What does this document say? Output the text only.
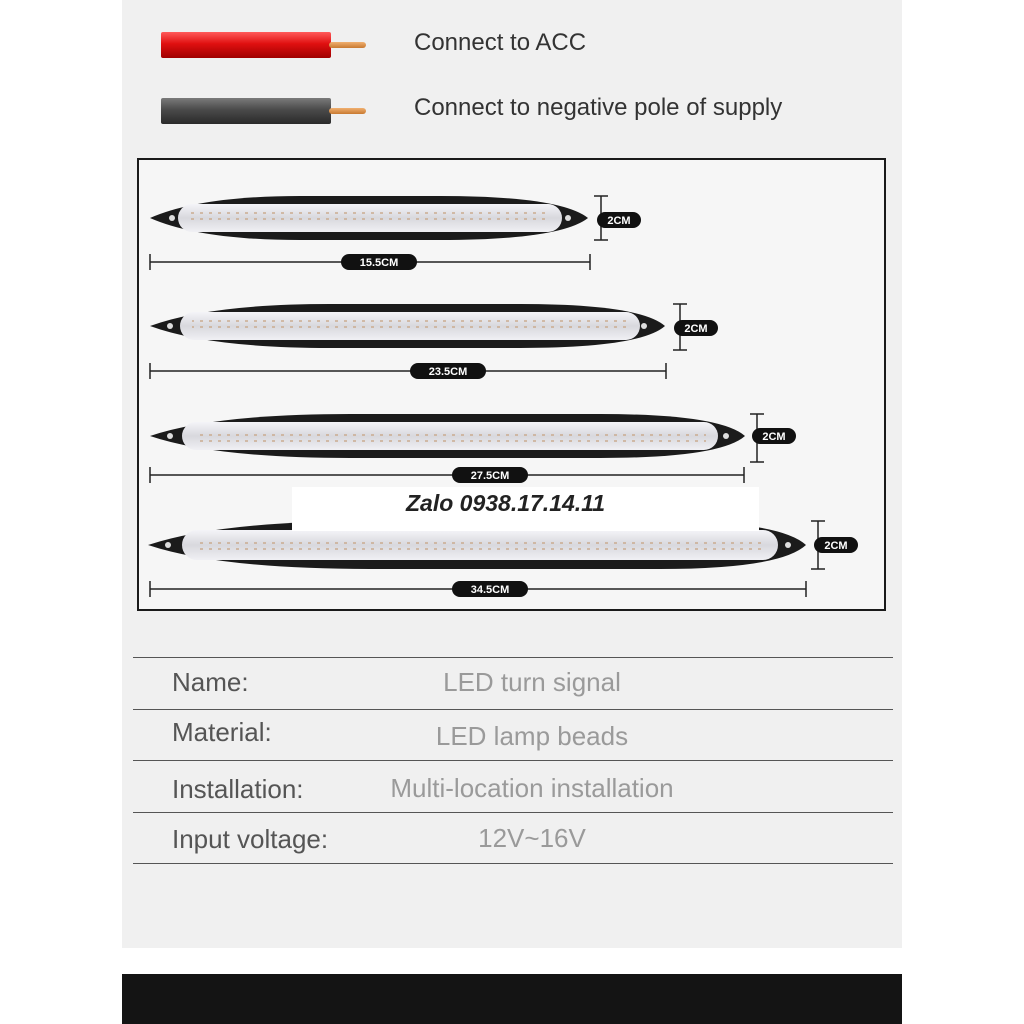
Connect to ACC
Connect to negative pole of supply
15.5CM
2CM
23.5CM
2CM
27.5CM
2CM
34.5CM
2CM
Zalo 0938.17.14.11
Name:	LED turn signal
Material:	LED lamp beads
Installation:	Multi-location installation
Input voltage:	12V~16V
